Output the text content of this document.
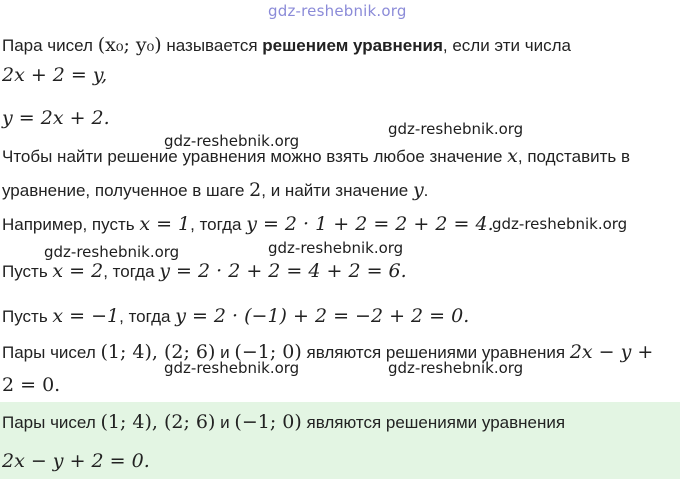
gdz-reshebnik.org
Пара чисел (x₀; y₀) называется решением уравнения, если эти числа
2x + 2 = y,
y = 2x + 2.
gdz-reshebnik.org
gdz-reshebnik.org
Чтобы найти решение уравнения можно взять любое значение x, подставить в
уравнение, полученное в шаге 2, и найти значение y.
Например, пусть x = 1, тогда y = 2 · 1 + 2 = 2 + 2 = 4.
gdz-reshebnik.org
gdz-reshebnik.org	gdz-reshebnik.org
Пусть x = 2, тогда y = 2 · 2 + 2 = 4 + 2 = 6.
Пусть x = −1, тогда y = 2 · (−1) + 2 = −2 + 2 = 0.
Пары чисел (1; 4), (2; 6) и (−1; 0) являются решениями уравнения 2x − y +
gdz-reshebnik.org	gdz-reshebnik.org
2 = 0.
Пары чисел (1; 4), (2; 6) и (−1; 0) являются решениями уравнения
2x − y + 2 = 0.
